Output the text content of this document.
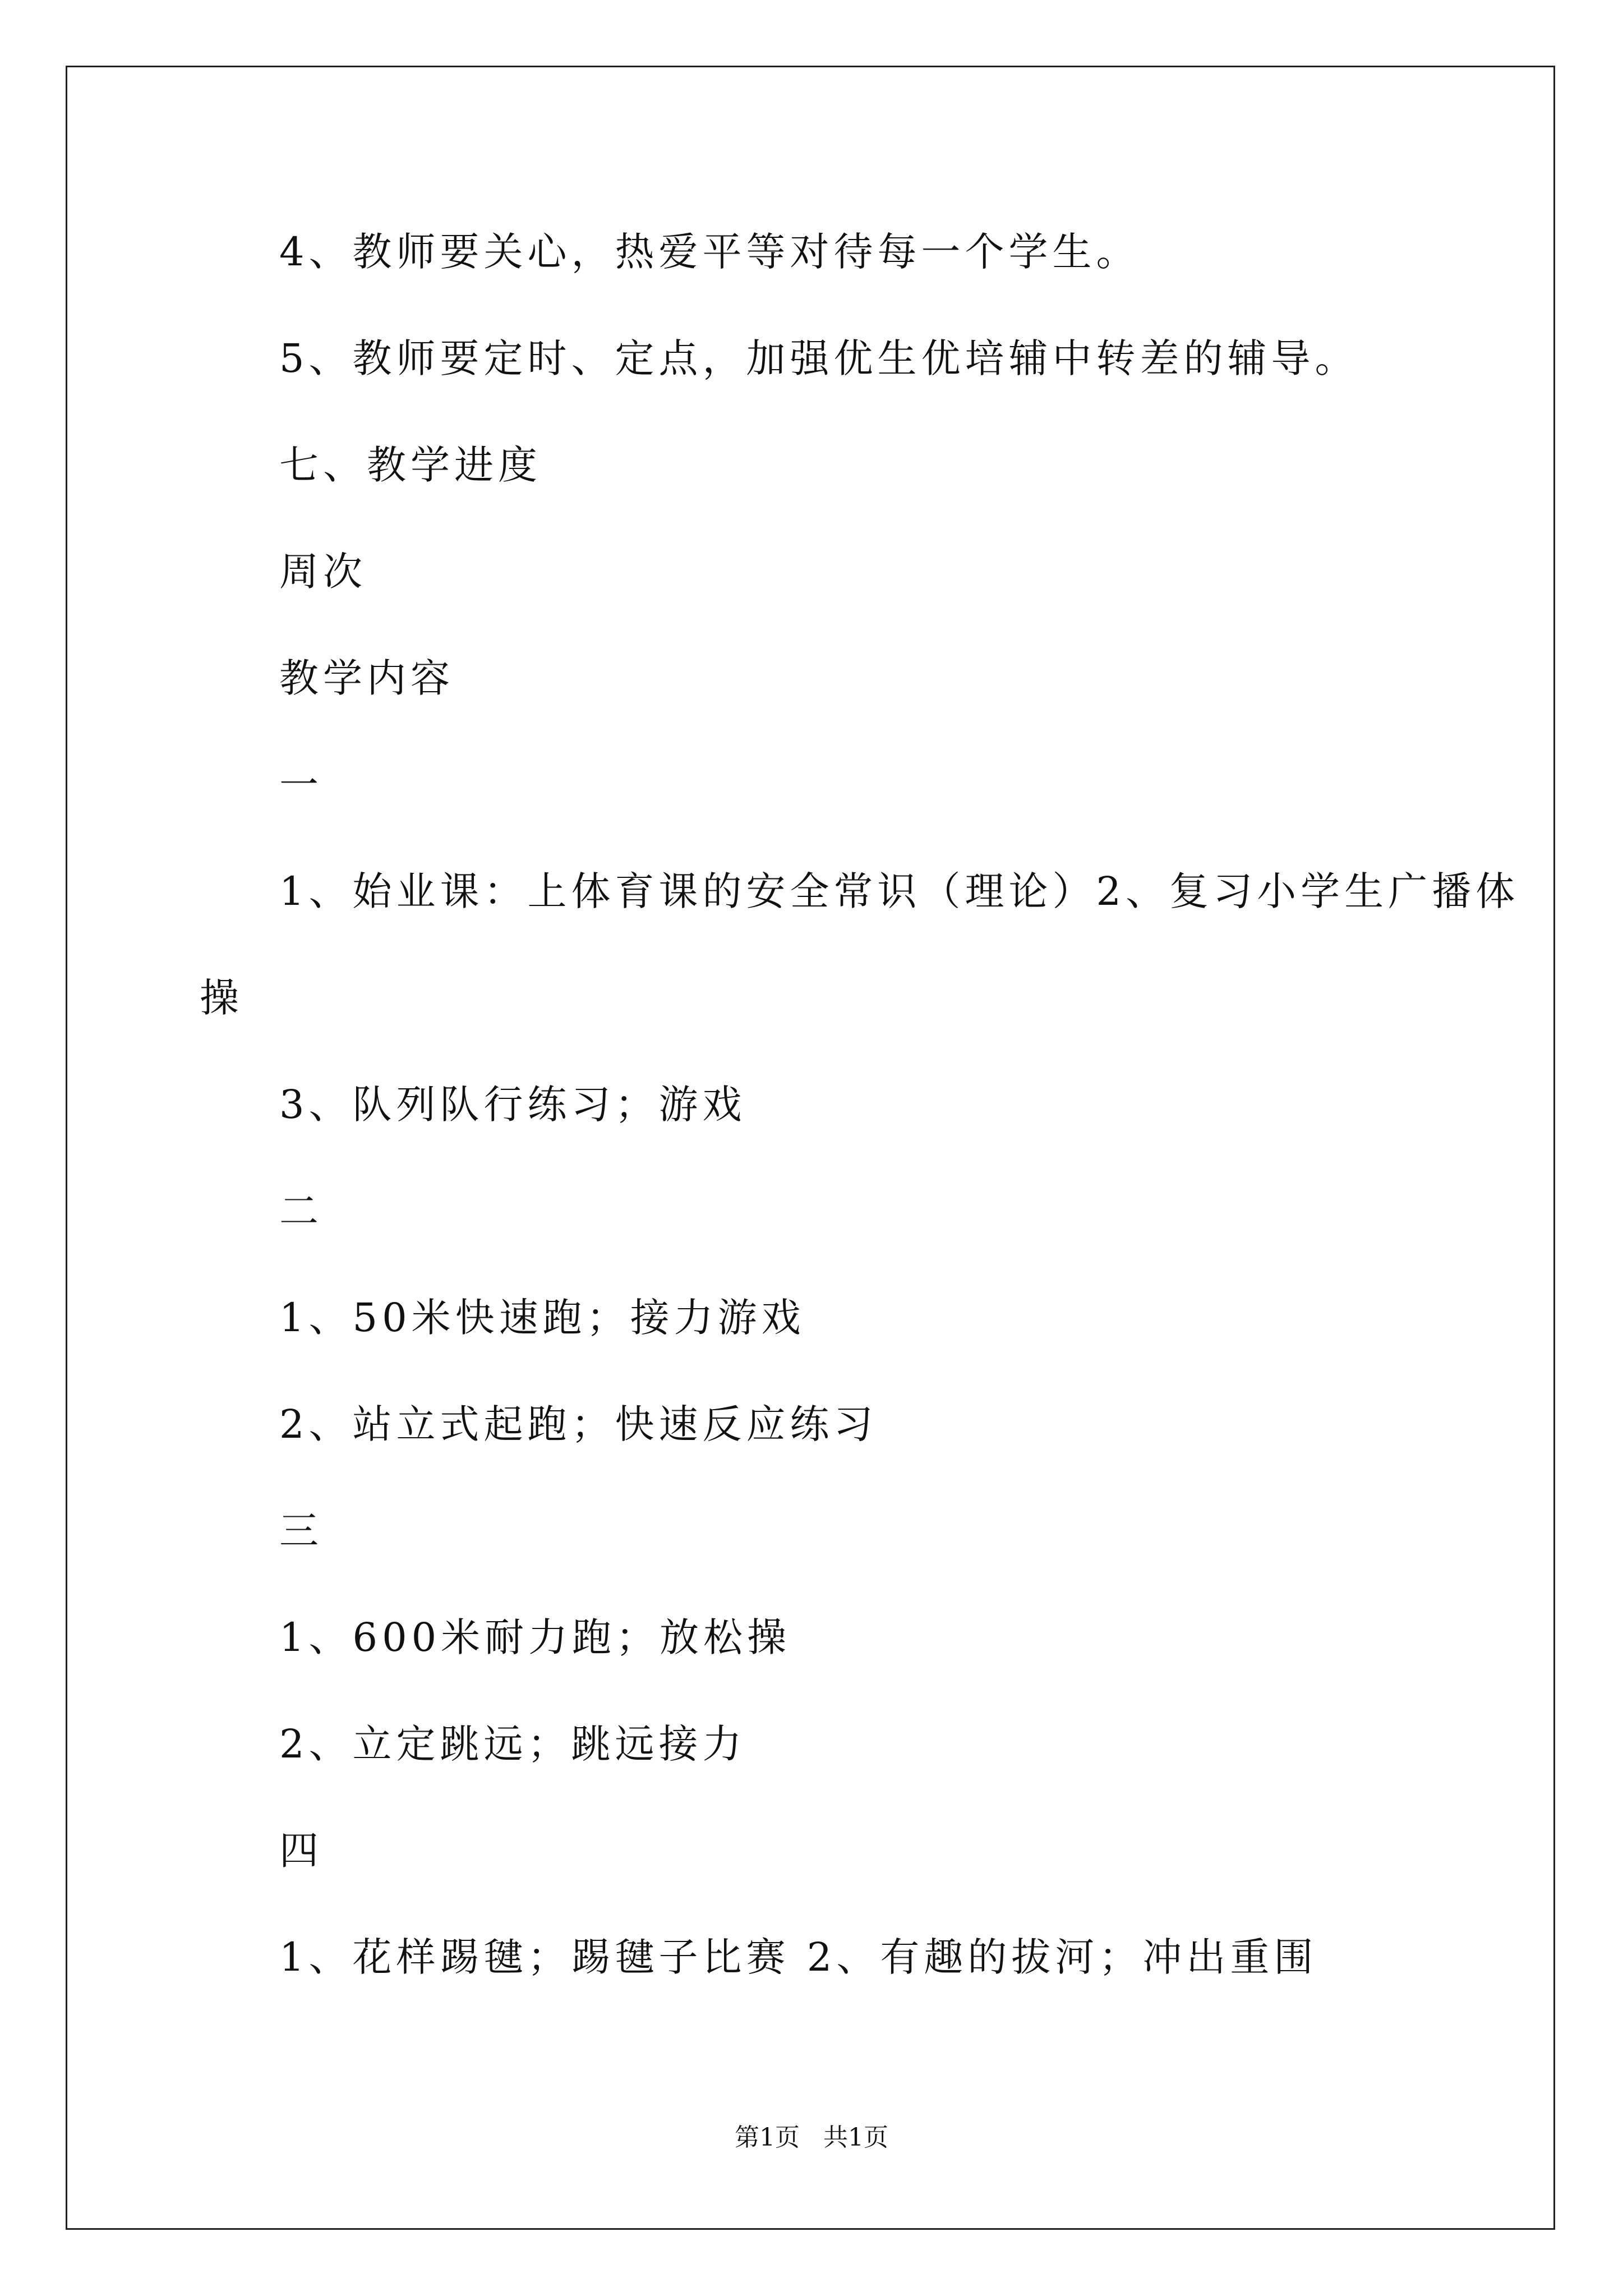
4、教师要关心，热爱平等对待每一个学生。
5、教师要定时、定点，加强优生优培辅中转差的辅导。
七、教学进度
周次
教学内容
一
1、始业课：上体育课的安全常识（理论）2、复习小学生广播体
操
3、队列队行练习；游戏
二
1、50米快速跑；接力游戏
2、站立式起跑；快速反应练习
三
1、600米耐力跑；放松操
2、立定跳远；跳远接力
四
1、花样踢毽；踢毽子比赛 2、有趣的拔河；冲出重围
第1页   共1页
